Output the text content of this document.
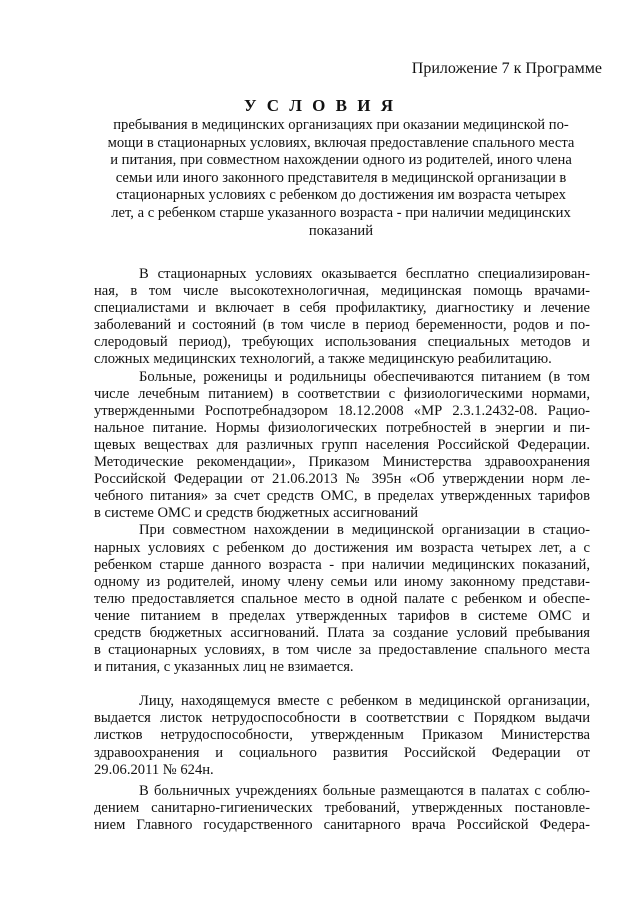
Приложение 7 к Программе
У С Л О В И Я
пребывания в медицинских организациях при оказании медицинской по-
мощи в стационарных условиях, включая предоставление спального места
и питания, при совместном нахождении одного из родителей, иного члена
семьи или иного законного представителя в медицинской организации в
стационарных условиях с ребенком до достижения им возраста четырех
лет, а с ребенком старше указанного возраста - при наличии медицинских
показаний
В стационарных условиях оказывается бесплатно специализирован-
ная, в том числе высокотехнологичная, медицинская помощь врачами-
специалистами и включает в себя профилактику, диагностику и лечение
заболеваний и состояний (в том числе в период беременности, родов и по-
слеродовый период), требующих использования специальных методов и
сложных медицинских технологий, а также медицинскую реабилитацию.
Больные, роженицы и родильницы обеспечиваются питанием (в том
числе лечебным питанием) в соответствии с физиологическими нормами,
утвержденными Роспотребнадзором 18.12.2008 «МР 2.3.1.2432-08. Рацио-
нальное питание. Нормы физиологических потребностей в энергии и пи-
щевых веществах для различных групп населения Российской Федерации.
Методические рекомендации», Приказом Министерства здравоохранения
Российской Федерации от 21.06.2013 № 395н «Об утверждении норм ле-
чебного питания» за счет средств ОМС, в пределах утвержденных тарифов
в системе ОМС и средств бюджетных ассигнований
При совместном нахождении в медицинской организации в стацио-
нарных условиях с ребенком до достижения им возраста четырех лет, а с
ребенком старше данного возраста - при наличии медицинских показаний,
одному из родителей, иному члену семьи или иному законному представи-
телю предоставляется спальное место в одной палате с ребенком и обеспе-
чение питанием в пределах утвержденных тарифов в системе ОМС и
средств бюджетных ассигнований. Плата за создание условий пребывания
в стационарных условиях, в том числе за предоставление спального места
и питания, с указанных лиц не взимается.
Лицу, находящемуся вместе с ребенком в медицинской организации,
выдается листок нетрудоспособности в соответствии с Порядком выдачи
листков нетрудоспособности, утвержденным Приказом Министерства
здравоохранения и социального развития Российской Федерации от
29.06.2011 № 624н.
В больничных учреждениях больные размещаются в палатах с соблю-
дением санитарно-гигиенических требований, утвержденных постановле-
нием Главного государственного санитарного врача Российской Федера-
